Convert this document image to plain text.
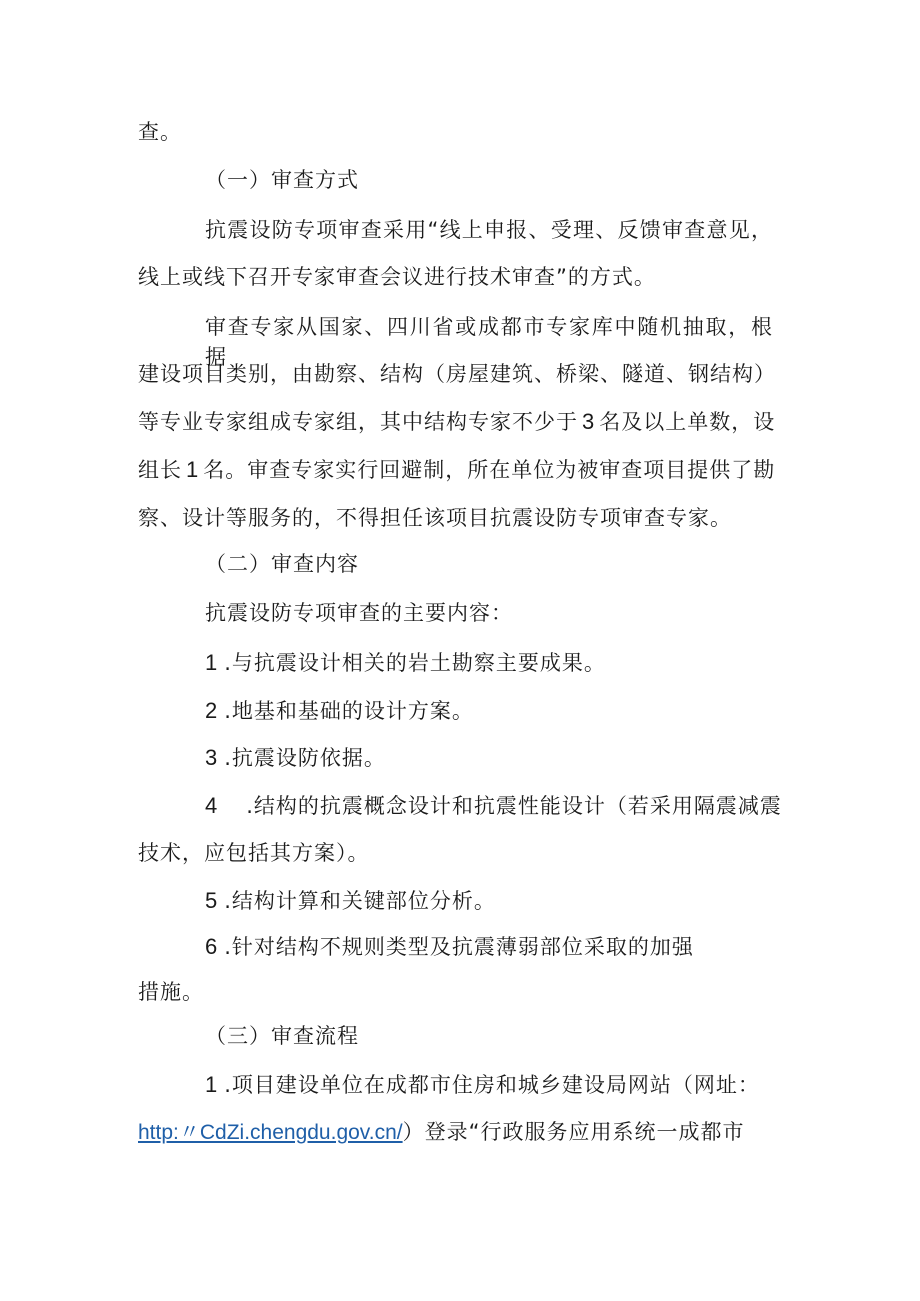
查。
（一）审查方式
抗震设防专项审查采用“线上申报、受理、反馈审查意见，
线上或线下召开专家审查会议进行技术审查”的方式。
审查专家从国家、四川省或成都市专家库中随机抽取，根据
建设项目类别，由勘察、结构（房屋建筑、桥梁、隧道、钢结构）
等专业专家组成专家组，其中结构专家不少于 3 名及以上单数，设
组长 1 名。审查专家实行回避制，所在单位为被审查项目提供了勘
察、设计等服务的，不得担任该项目抗震设防专项审查专家。
（二）审查内容
抗震设防专项审查的主要内容：
1 .与抗震设计相关的岩土勘察主要成果。
2 .地基和基础的设计方案。
3 .抗震设防依据。
4 .结构的抗震概念设计和抗震性能设计（若采用隔震减震
技术，应包括其方案）。
5 .结构计算和关键部位分析。
6 .针对结构不规则类型及抗震薄弱部位采取的加强
措施。
（三）审查流程
1 .项目建设单位在成都市住房和城乡建设局网站（网址：
http:〃CdZi.chengdu.gov.cn/）登录“行政服务应用系统一成都市
